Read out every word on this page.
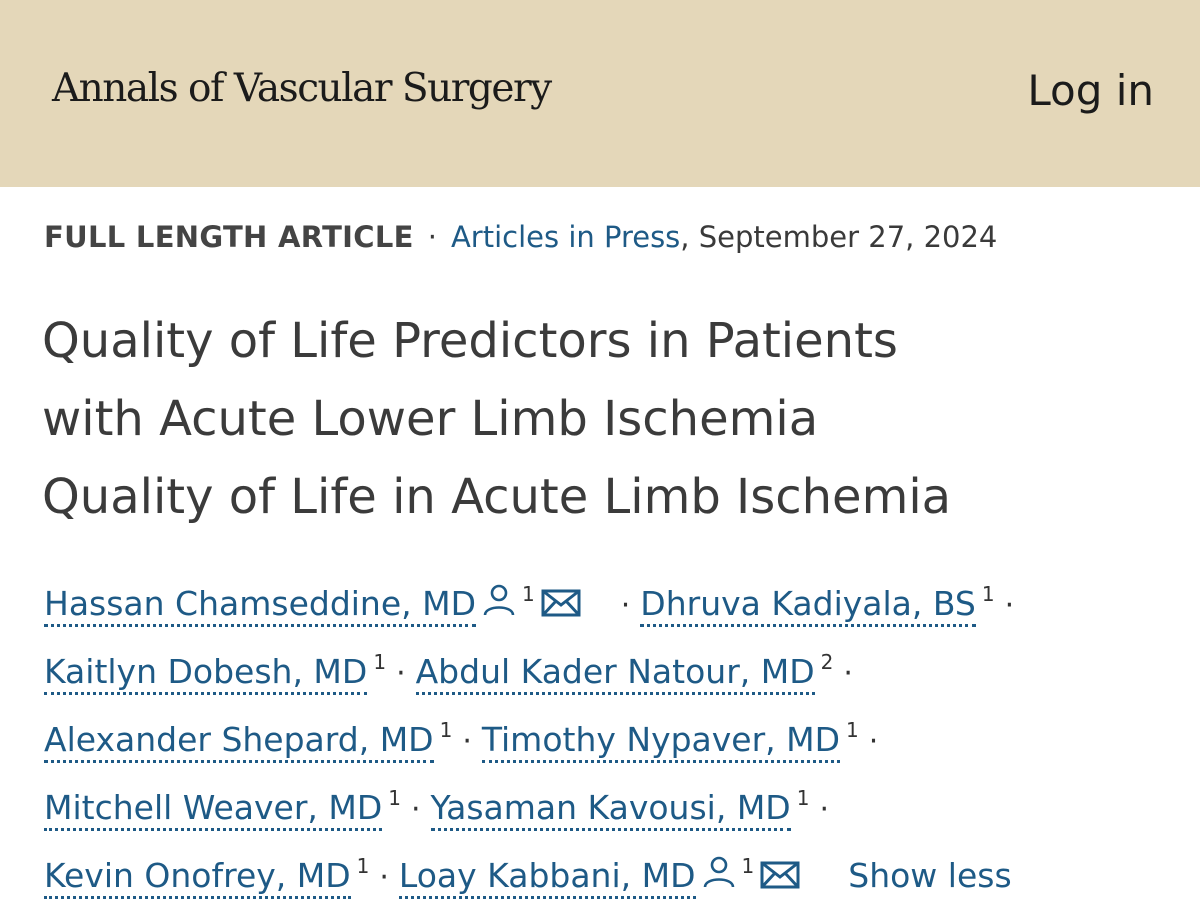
Annals of Vascular Surgery	Log in
FULL LENGTH ARTICLE · Articles in Press, September 27, 2024
Quality of Life Predictors in Patients
with Acute Lower Limb Ischemia
Quality of Life in Acute Limb Ischemia
Hassan Chamseddine, MD $^1$	· Dhruva Kadiyala, BS $^1$ ·
Kaitlyn Dobesh, MD $^1$ · Abdul Kader Natour, MD $^2$ ·
Alexander Shepard, MD $^1$ · Timothy Nypaver, MD $^1$ ·
Mitchell Weaver, MD $^1$ · Yasaman Kavousi, MD $^1$ ·
Kevin Onofrey, MD $^1$ · Loay Kabbani, MD $^1$	Show less
